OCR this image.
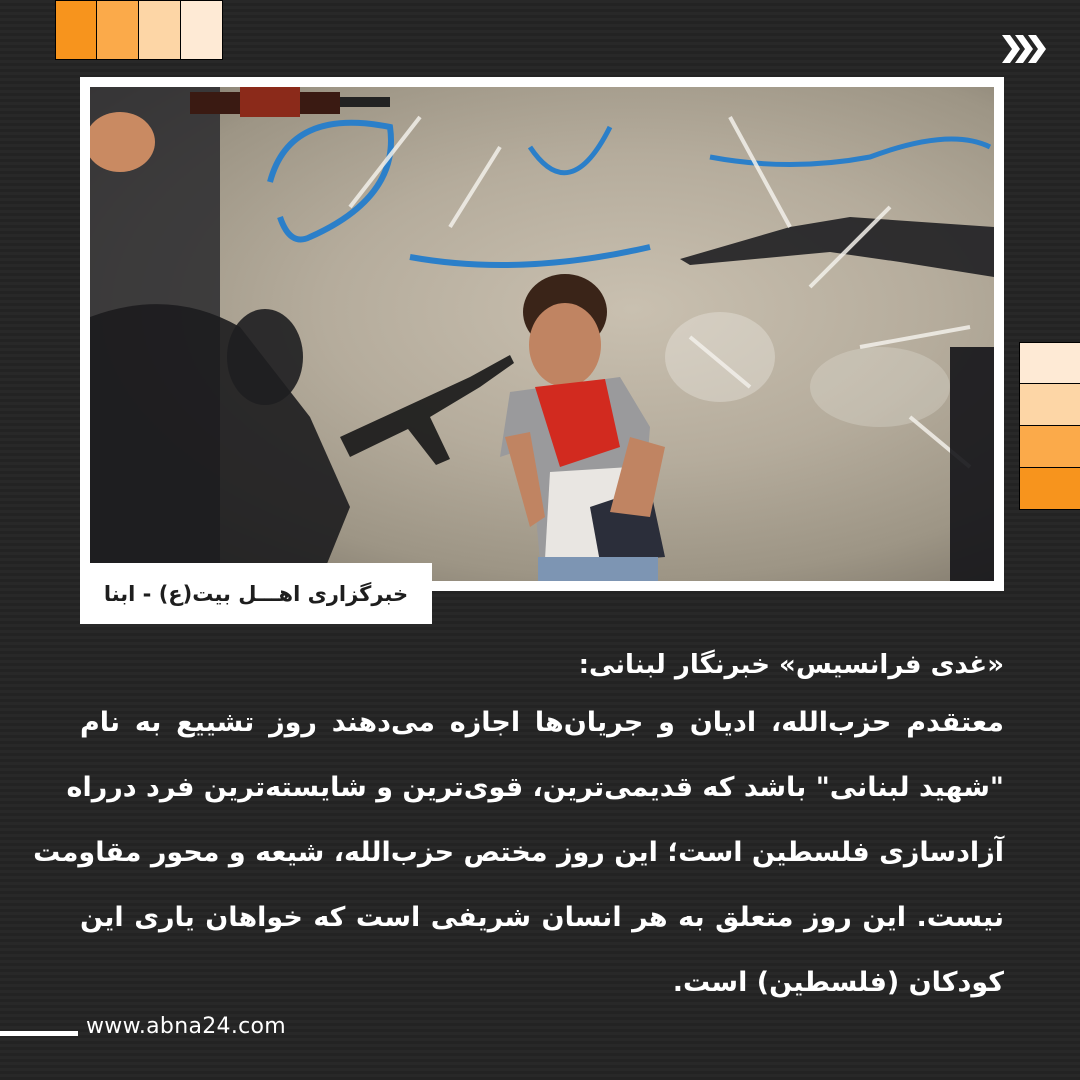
خبرگزاری اهـــل بیت(ع) - ابنا
«غدی فرانسیس» خبرنگار لبنانی:
معتقدم حزب‌الله، ادیان و جریان‌ها اجازه می‌دهند روز تشییع به نام
"شهید لبنانی" باشد که قدیمی‌ترین، قوی‌ترین و شایسته‌ترین فرد درراه
آزادسازی فلسطین است؛ این روز مختص حزب‌الله، شیعه و محور مقاومت
نیست. این روز متعلق به هر انسان شریفی است که خواهان یاری این
کودکان (فلسطین) است.
www.abna24.com
